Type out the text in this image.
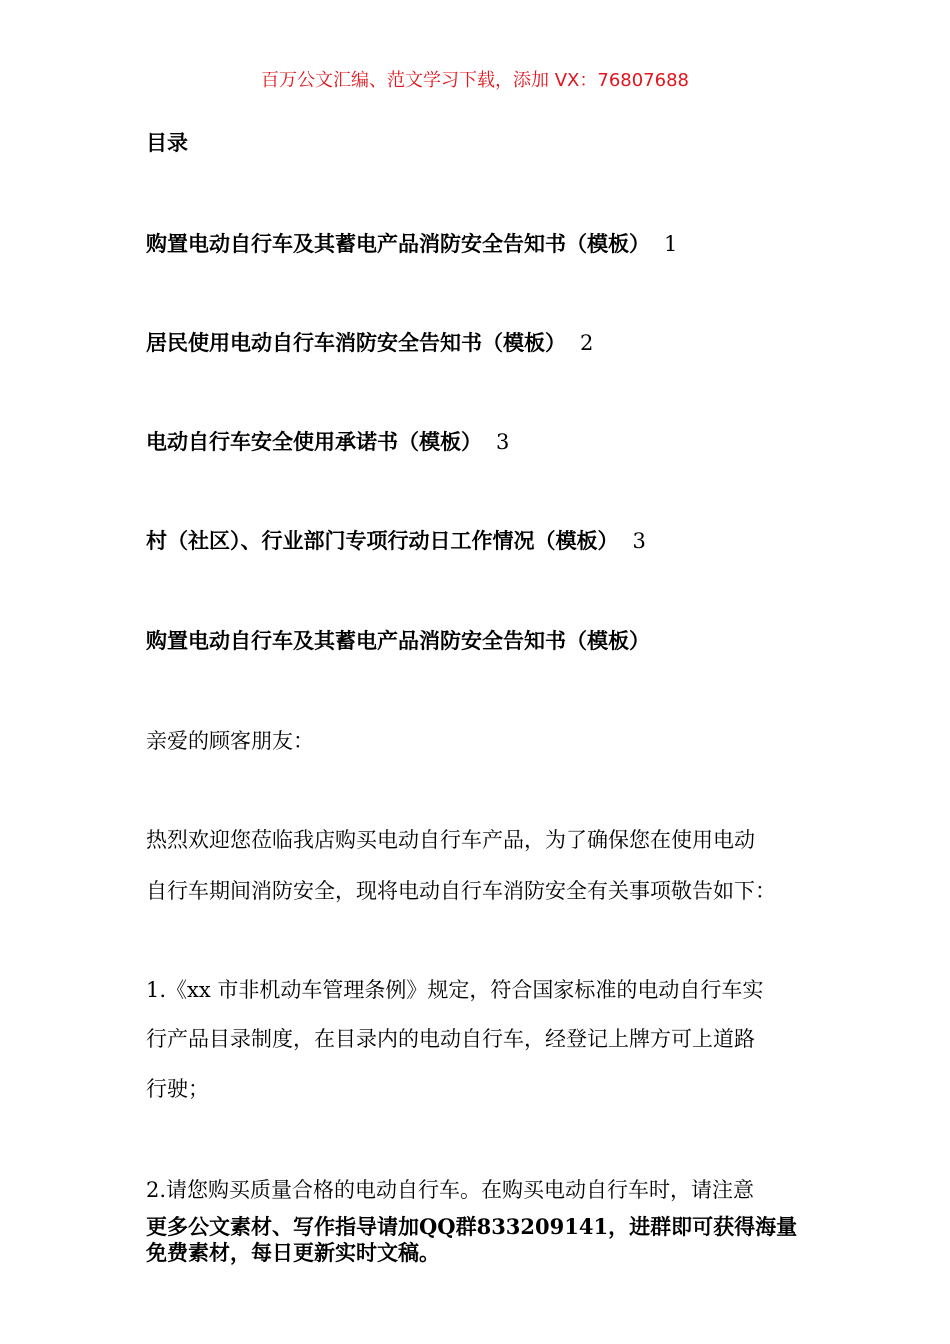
百万公文汇编、范文学习下载，添加 VX：76807688
目录
购置电动自行车及其蓄电产品消防安全告知书（模板） 1
居民使用电动自行车消防安全告知书（模板） 2
电动自行车安全使用承诺书（模板） 3
村（社区）、行业部门专项行动日工作情况（模板） 3
购置电动自行车及其蓄电产品消防安全告知书（模板）
亲爱的顾客朋友：
热烈欢迎您莅临我店购买电动自行车产品，为了确保您在使用电动
自行车期间消防安全，现将电动自行车消防安全有关事项敬告如下：
1.《xx 市非机动车管理条例》规定，符合国家标准的电动自行车实
行产品目录制度，在目录内的电动自行车，经登记上牌方可上道路
行驶；
2.请您购买质量合格的电动自行车。在购买电动自行车时，请注意
更多公文素材、写作指导请加QQ群833209141，进群即可获得海量
免费素材，每日更新实时文稿。
